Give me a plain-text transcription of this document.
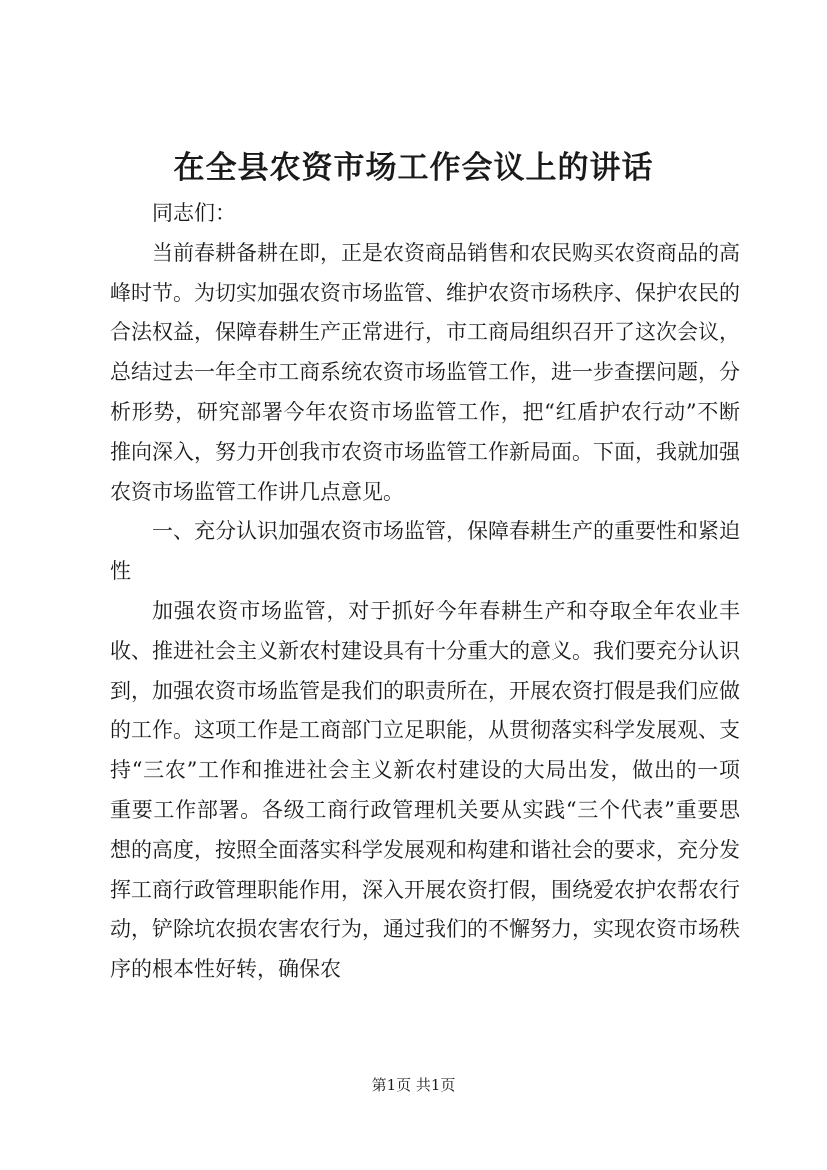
在全县农资市场工作会议上的讲话

同志们：

当前春耕备耕在即，正是农资商品销售和农民购买农资商品的高峰时节。为切实加强农资市场监管、维护农资市场秩序、保护农民的合法权益，保障春耕生产正常进行，市工商局组织召开了这次会议，总结过去一年全市工商系统农资市场监管工作，进一步查摆问题，分析形势，研究部署今年农资市场监管工作，把“红盾护农行动”不断推向深入，努力开创我市农资市场监管工作新局面。下面，我就加强农资市场监管工作讲几点意见。

一、充分认识加强农资市场监管，保障春耕生产的重要性和紧迫性

加强农资市场监管，对于抓好今年春耕生产和夺取全年农业丰收、推进社会主义新农村建设具有十分重大的意义。我们要充分认识到，加强农资市场监管是我们的职责所在，开展农资打假是我们应做的工作。这项工作是工商部门立足职能，从贯彻落实科学发展观、支持“三农”工作和推进社会主义新农村建设的大局出发，做出的一项重要工作部署。各级工商行政管理机关要从实践“三个代表”重要思想的高度，按照全面落实科学发展观和构建和谐社会的要求，充分发挥工商行政管理职能作用，深入开展农资打假，围绕爱农护农帮农行动，铲除坑农损农害农行为，通过我们的不懈努力，实现农资市场秩序的根本性好转，确保农

第1页 共1页
